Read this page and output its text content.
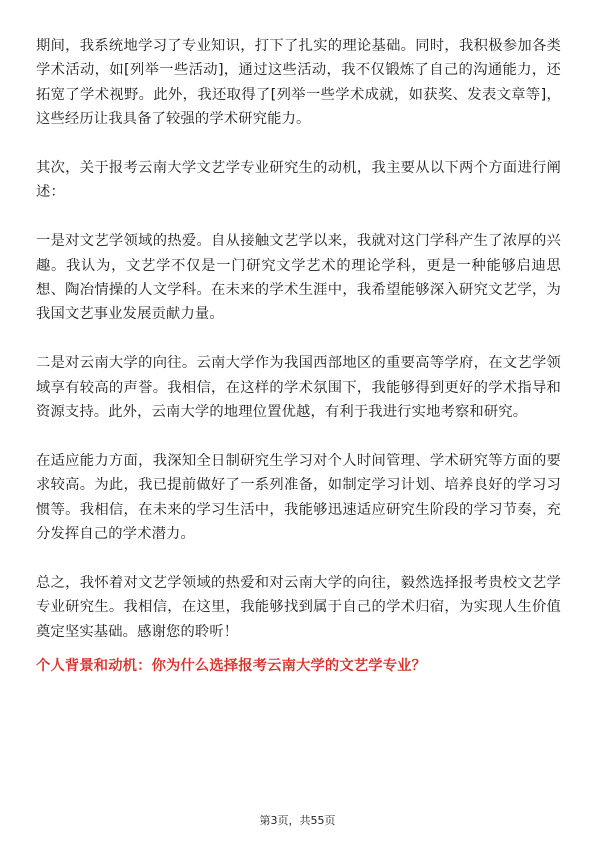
期间，我系统地学习了专业知识，打下了扎实的理论基础。同时，我积极参加各类学术活动，如[列举一些活动]，通过这些活动，我不仅锻炼了自己的沟通能力，还拓宽了学术视野。此外，我还取得了[列举一些学术成就，如获奖、发表文章等]，这些经历让我具备了较强的学术研究能力。

其次，关于报考云南大学文艺学专业研究生的动机，我主要从以下两个方面进行阐述：

一是对文艺学领域的热爱。自从接触文艺学以来，我就对这门学科产生了浓厚的兴趣。我认为，文艺学不仅是一门研究文学艺术的理论学科，更是一种能够启迪思想、陶冶情操的人文学科。在未来的学术生涯中，我希望能够深入研究文艺学，为我国文艺事业发展贡献力量。

二是对云南大学的向往。云南大学作为我国西部地区的重要高等学府，在文艺学领域享有较高的声誉。我相信，在这样的学术氛围下，我能够得到更好的学术指导和资源支持。此外，云南大学的地理位置优越，有利于我进行实地考察和研究。

在适应能力方面，我深知全日制研究生学习对个人时间管理、学术研究等方面的要求较高。为此，我已提前做好了一系列准备，如制定学习计划、培养良好的学习习惯等。我相信，在未来的学习生活中，我能够迅速适应研究生阶段的学习节奏，充分发挥自己的学术潜力。

总之，我怀着对文艺学领域的热爱和对云南大学的向往，毅然选择报考贵校文艺学专业研究生。我相信，在这里，我能够找到属于自己的学术归宿，为实现人生价值奠定坚实基础。感谢您的聆听！

个人背景和动机：你为什么选择报考云南大学的文艺学专业？

第3页，共55页
